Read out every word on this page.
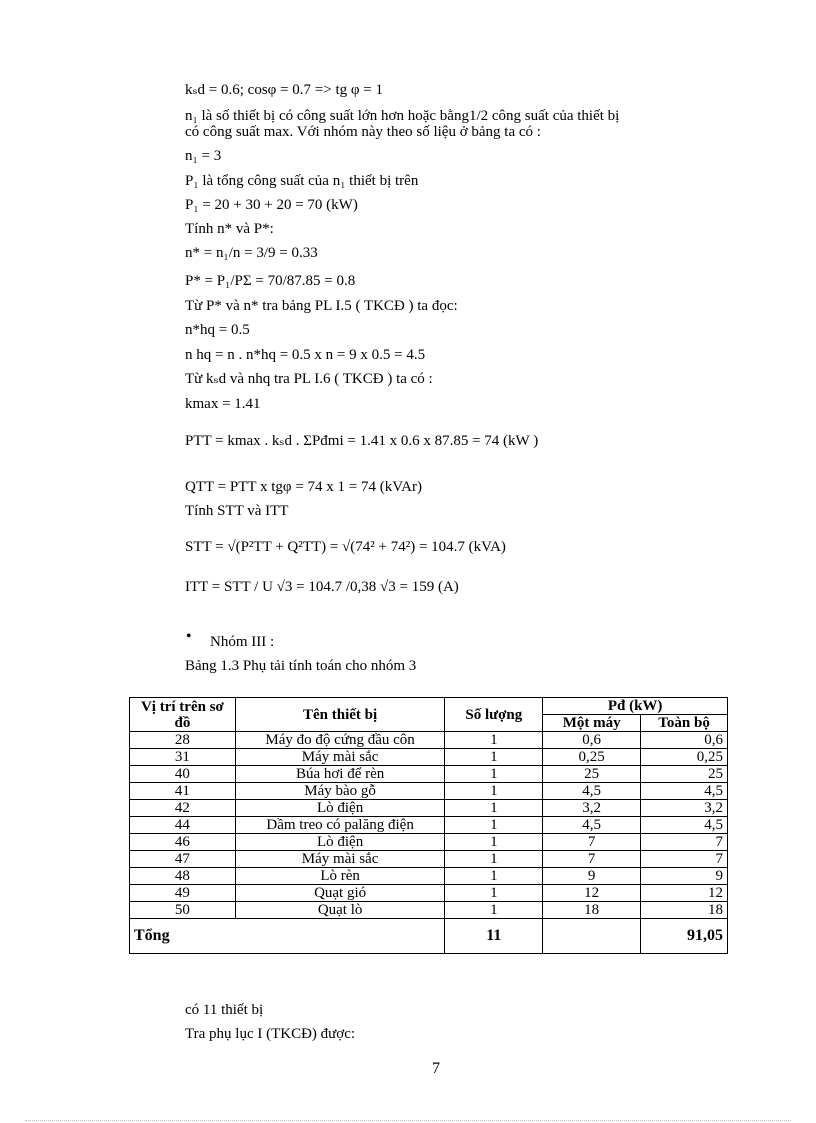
kₛd = 0.6; cosφ = 0.7 => tg φ = 1
n₁ là số thiết bị có công suất lớn hơn hoặc bằng1/2 công suất của thiết bị
có công suất max. Với nhóm này theo số liệu ở bảng ta có :
n₁ = 3
P₁ là tổng công suất của n₁ thiết bị trên
P₁ = 20 + 30 + 20 = 70 (kW)
Tính n* và P*:
n* = n₁/n = 3/9 = 0.33
P* = P₁/PΣ = 70/87.85 = 0.8
Từ P* và n* tra bảng PL I.5 ( TKCĐ ) ta đọc:
n*hq = 0.5
n hq = n . n*hq = 0.5 x n = 9 x 0.5 = 4.5
Từ kₛd và nhq tra PL I.6 ( TKCĐ ) ta có :
kmax = 1.41
PTT = kmax . kₛd . ΣPđmi = 1.41 x 0.6 x 87.85 = 74 (kW )
QTT = PTT x tgφ = 74 x 1 = 74 (kVAr)
Tính STT và ITT
STT = √(P²TT + Q²TT) = √(74² + 74²) = 104.7 (kVA)
ITT = STT / U √3 = 104.7 /0,38 √3 = 159 (A)
• Nhóm III :
Bảng 1.3 Phụ tải tính toán cho nhóm 3
Vị trí trên sơ đồ	Tên thiết bị	Số lượng	Pđ (kW)	
			Một máy	Toàn bộ
28	Máy đo độ cứng đầu côn	1	0,6	0,6
31	Máy mài sắc	1	0,25	0,25
40	Búa hơi để rèn	1	25	25
41	Máy bào gỗ	1	4,5	4,5
42	Lò điện	1	3,2	3,2
44	Dầm treo có palăng điện	1	4,5	4,5
46	Lò điện	1	7	7
47	Máy mài sắc	1	7	7
48	Lò rèn	1	9	9
49	Quạt gió	1	12	12
50	Quạt lò	1	18	18
Tổng		11		91,05
có 11 thiết bị
Tra phụ lục I (TKCĐ) được:
7
